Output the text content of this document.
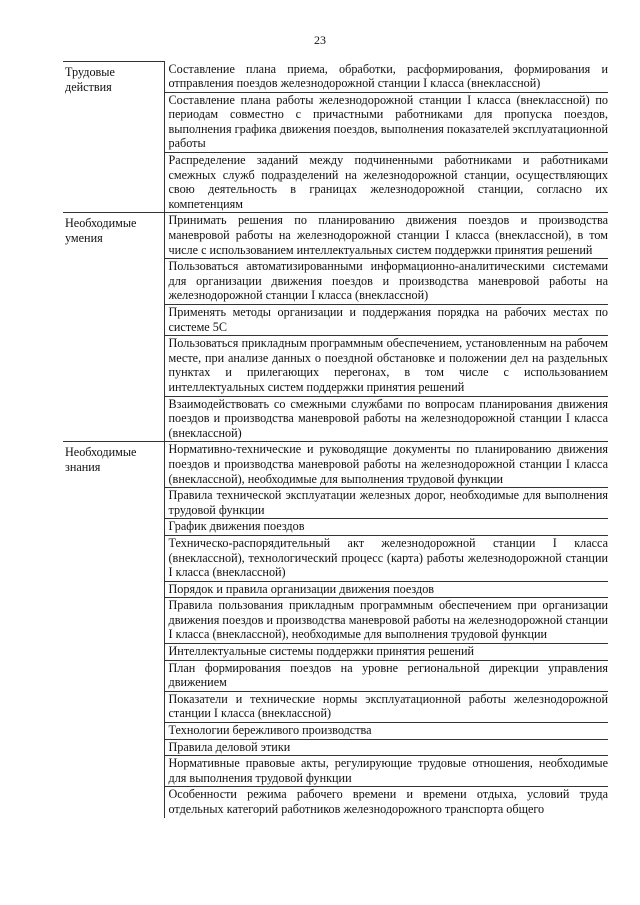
23
Трудовые действия	Составление плана приема, обработки, расформирования, формирования и отправления поездов железнодорожной станции I класса (внеклассной)
	Составление плана работы железнодорожной станции I класса (внеклассной) по периодам совместно с причастными работниками для пропуска поездов, выполнения графика движения поездов, выполнения показателей эксплуатационной работы
	Распределение заданий между подчиненными работниками и работниками смежных служб подразделений на железнодорожной станции, осуществляющих свою деятельность в границах железнодорожной станции, согласно их компетенциям
Необходимые умения	Принимать решения по планированию движения поездов и производства маневровой работы на железнодорожной станции I класса (внеклассной), в том числе с использованием интеллектуальных систем поддержки принятия решений
	Пользоваться автоматизированными информационно-аналитическими системами для организации движения поездов и производства маневровой работы на железнодорожной станции I класса (внеклассной)
	Применять методы организации и поддержания порядка на рабочих местах по системе 5С
	Пользоваться прикладным программным обеспечением, установленным на рабочем месте, при анализе данных о поездной обстановке и положении дел на раздельных пунктах и прилегающих перегонах, в том числе с использованием интеллектуальных систем поддержки принятия решений
	Взаимодействовать со смежными службами по вопросам планирования движения поездов и производства маневровой работы на железнодорожной станции I класса (внеклассной)
Необходимые знания	Нормативно-технические и руководящие документы по планированию движения поездов и производства маневровой работы на железнодорожной станции I класса (внеклассной), необходимые для выполнения трудовой функции
	Правила технической эксплуатации железных дорог, необходимые для выполнения трудовой функции
	График движения поездов
	Техническо-распорядительный акт железнодорожной станции I класса (внеклассной), технологический процесс (карта) работы железнодорожной станции I класса (внеклассной)
	Порядок и правила организации движения поездов
	Правила пользования прикладным программным обеспечением при организации движения поездов и производства маневровой работы на железнодорожной станции I класса (внеклассной), необходимые для выполнения трудовой функции
	Интеллектуальные системы поддержки принятия решений
	План формирования поездов на уровне региональной дирекции управления движением
	Показатели и технические нормы эксплуатационной работы железнодорожной станции I класса (внеклассной)
	Технологии бережливого производства
	Правила деловой этики
	Нормативные правовые акты, регулирующие трудовые отношения, необходимые для выполнения трудовой функции
	Особенности режима рабочего времени и времени отдыха, условий труда отдельных категорий работников железнодорожного транспорта общего
